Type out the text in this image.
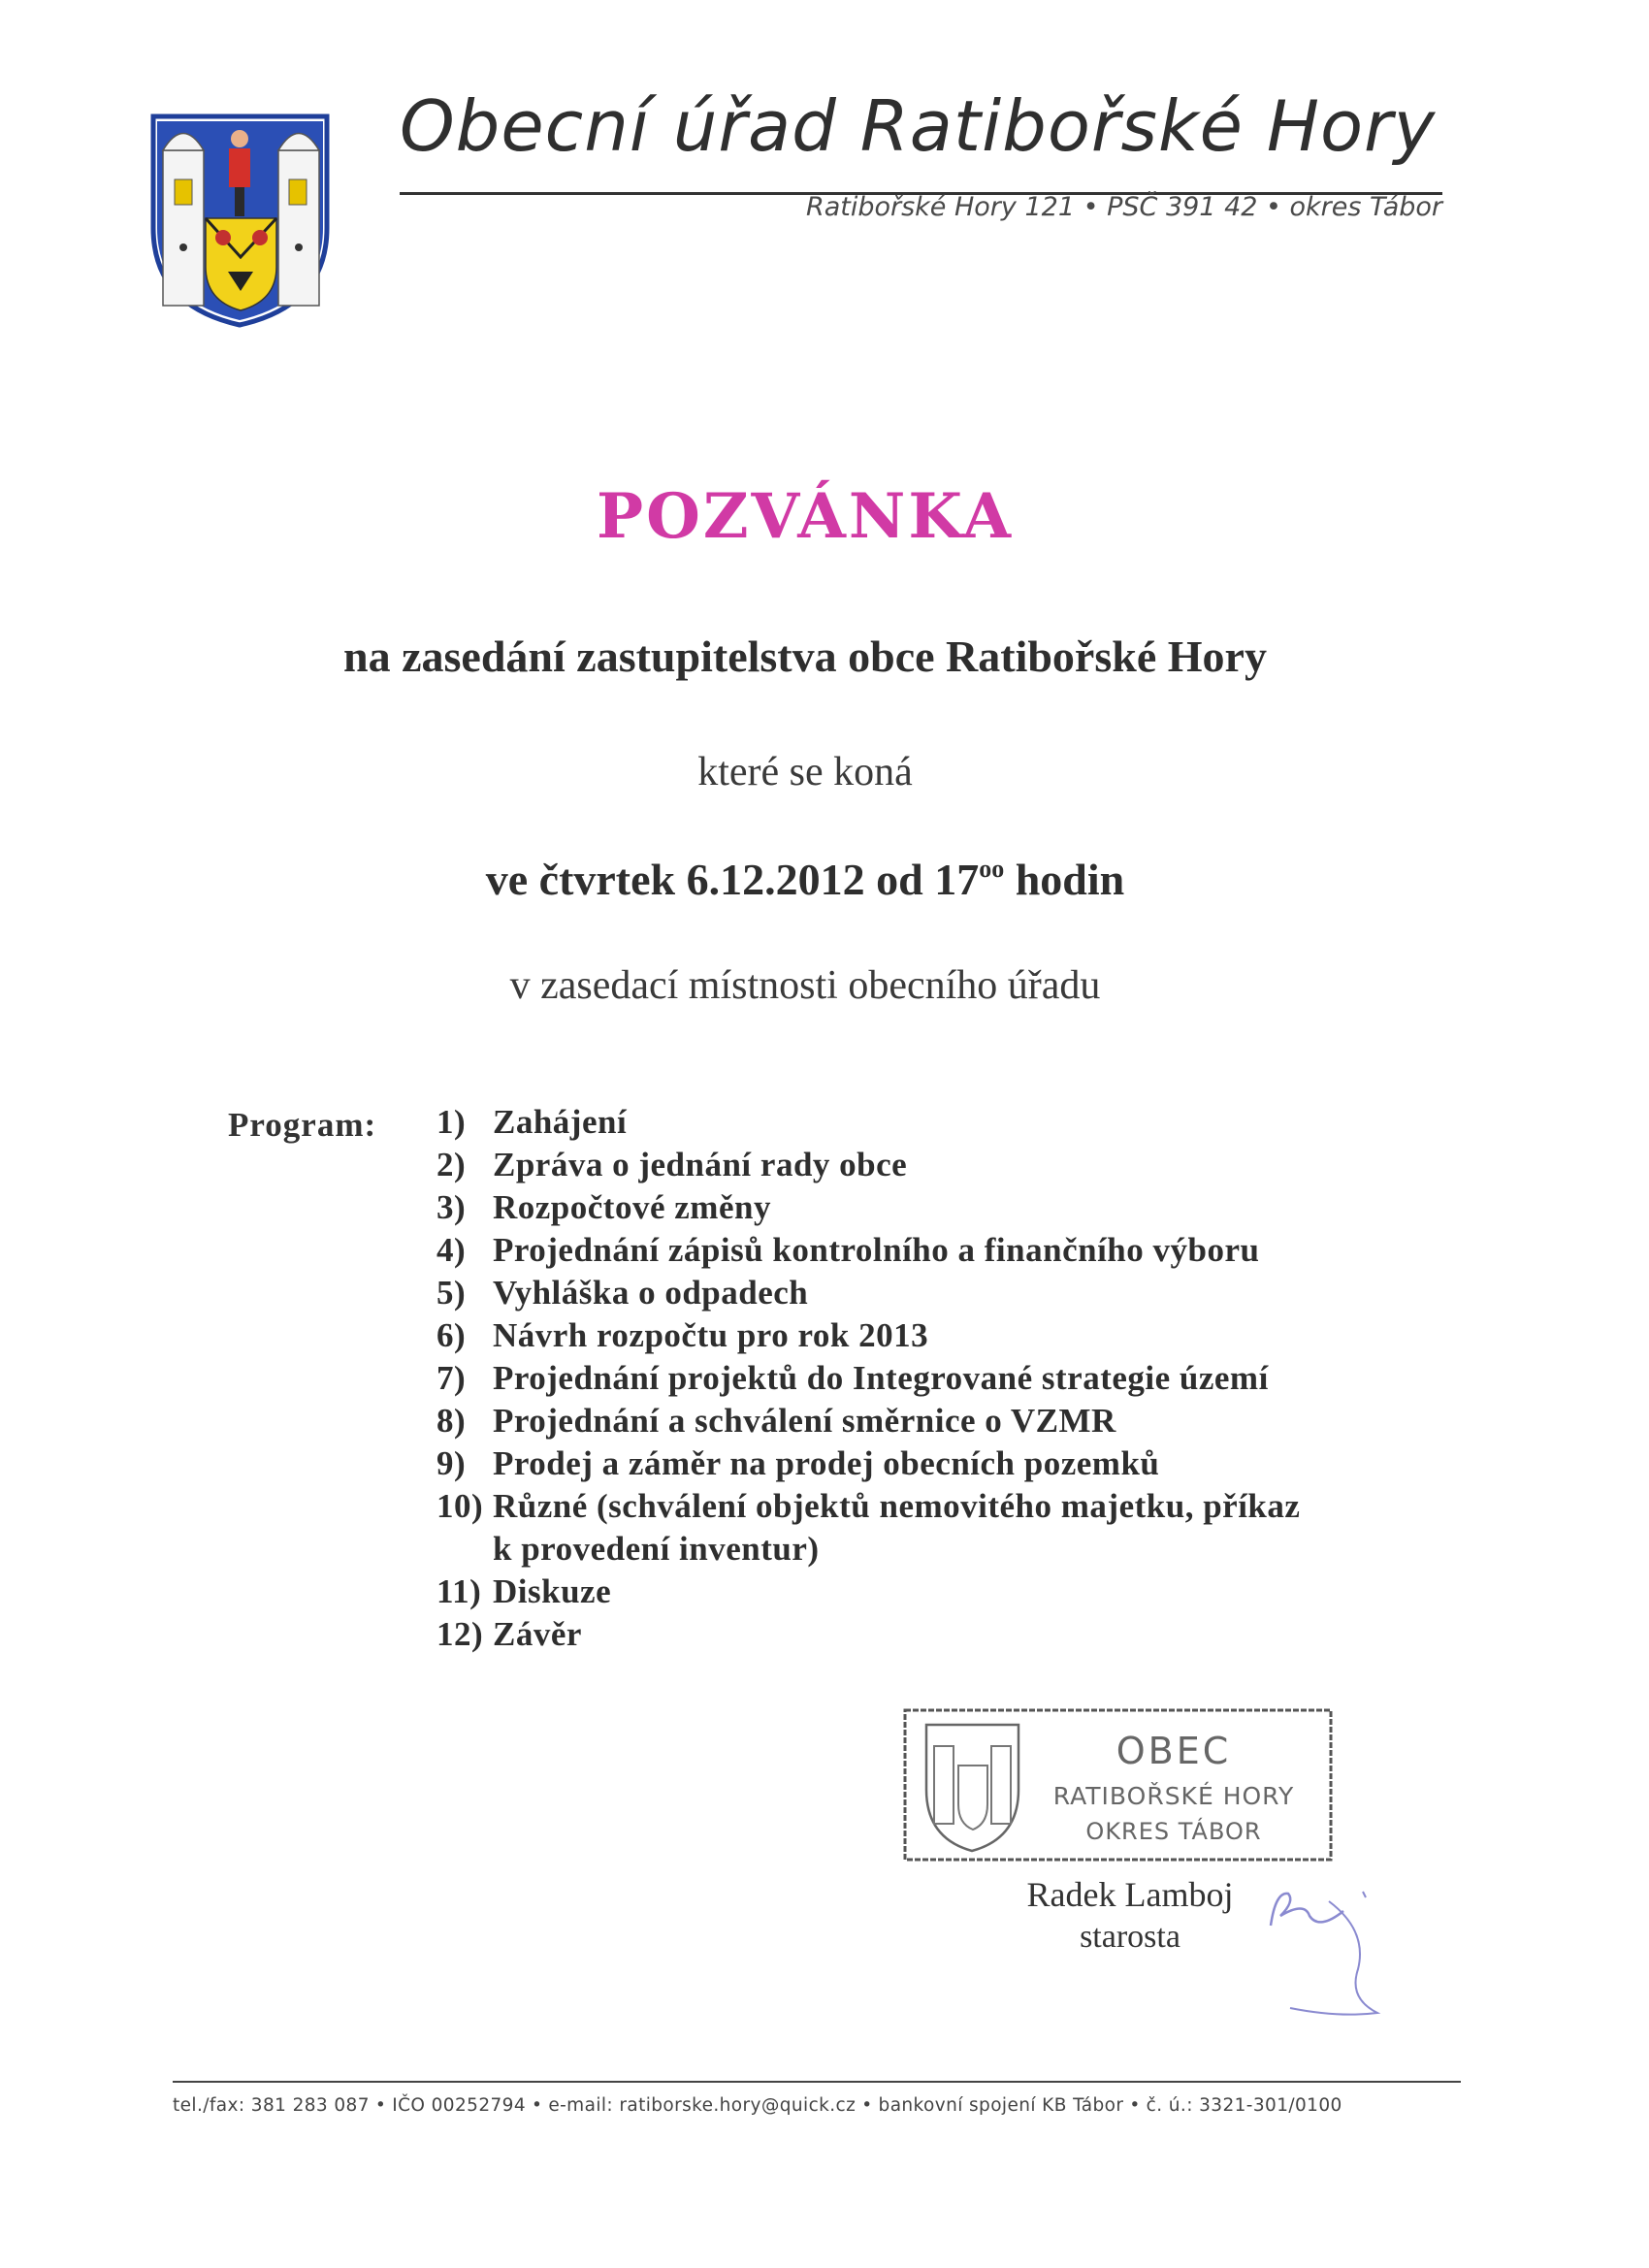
Obecní úřad Ratibořské Hory
Ratibořské Hory 121 • PSČ 391 42 • okres Tábor
POZVÁNKA
na zasedání zastupitelstva obce Ratibořské Hory
které se koná
ve čtvrtek 6.12.2012 od $17^{oo}$ hodin
v zasedací místnosti obecního úřadu
Program: 1) Zahájení
2) Zpráva o jednání rady obce
3) Rozpočtové změny
4) Projednání zápisů kontrolního a finančního výboru
5) Vyhláška o odpadech
6) Návrh rozpočtu pro rok 2013
7) Projednání projektů do Integrované strategie území
8) Projednání a schválení směrnice o VZMR
9) Prodej a záměr na prodej obecních pozemků
10) Různé (schválení objektů nemovitého majetku, příkaz
k provedení inventur)
11) Diskuze
12) Závěr
OBEC
RATIBOŘSKÉ HORY
OKRES TÁBOR
Radek Lamboj
starosta
tel./fax: 381 283 087 • IČO 00252794 • e-mail: ratiborske.hory@quick.cz • bankovní spojení KB Tábor • č. ú.: 3321-301/0100
